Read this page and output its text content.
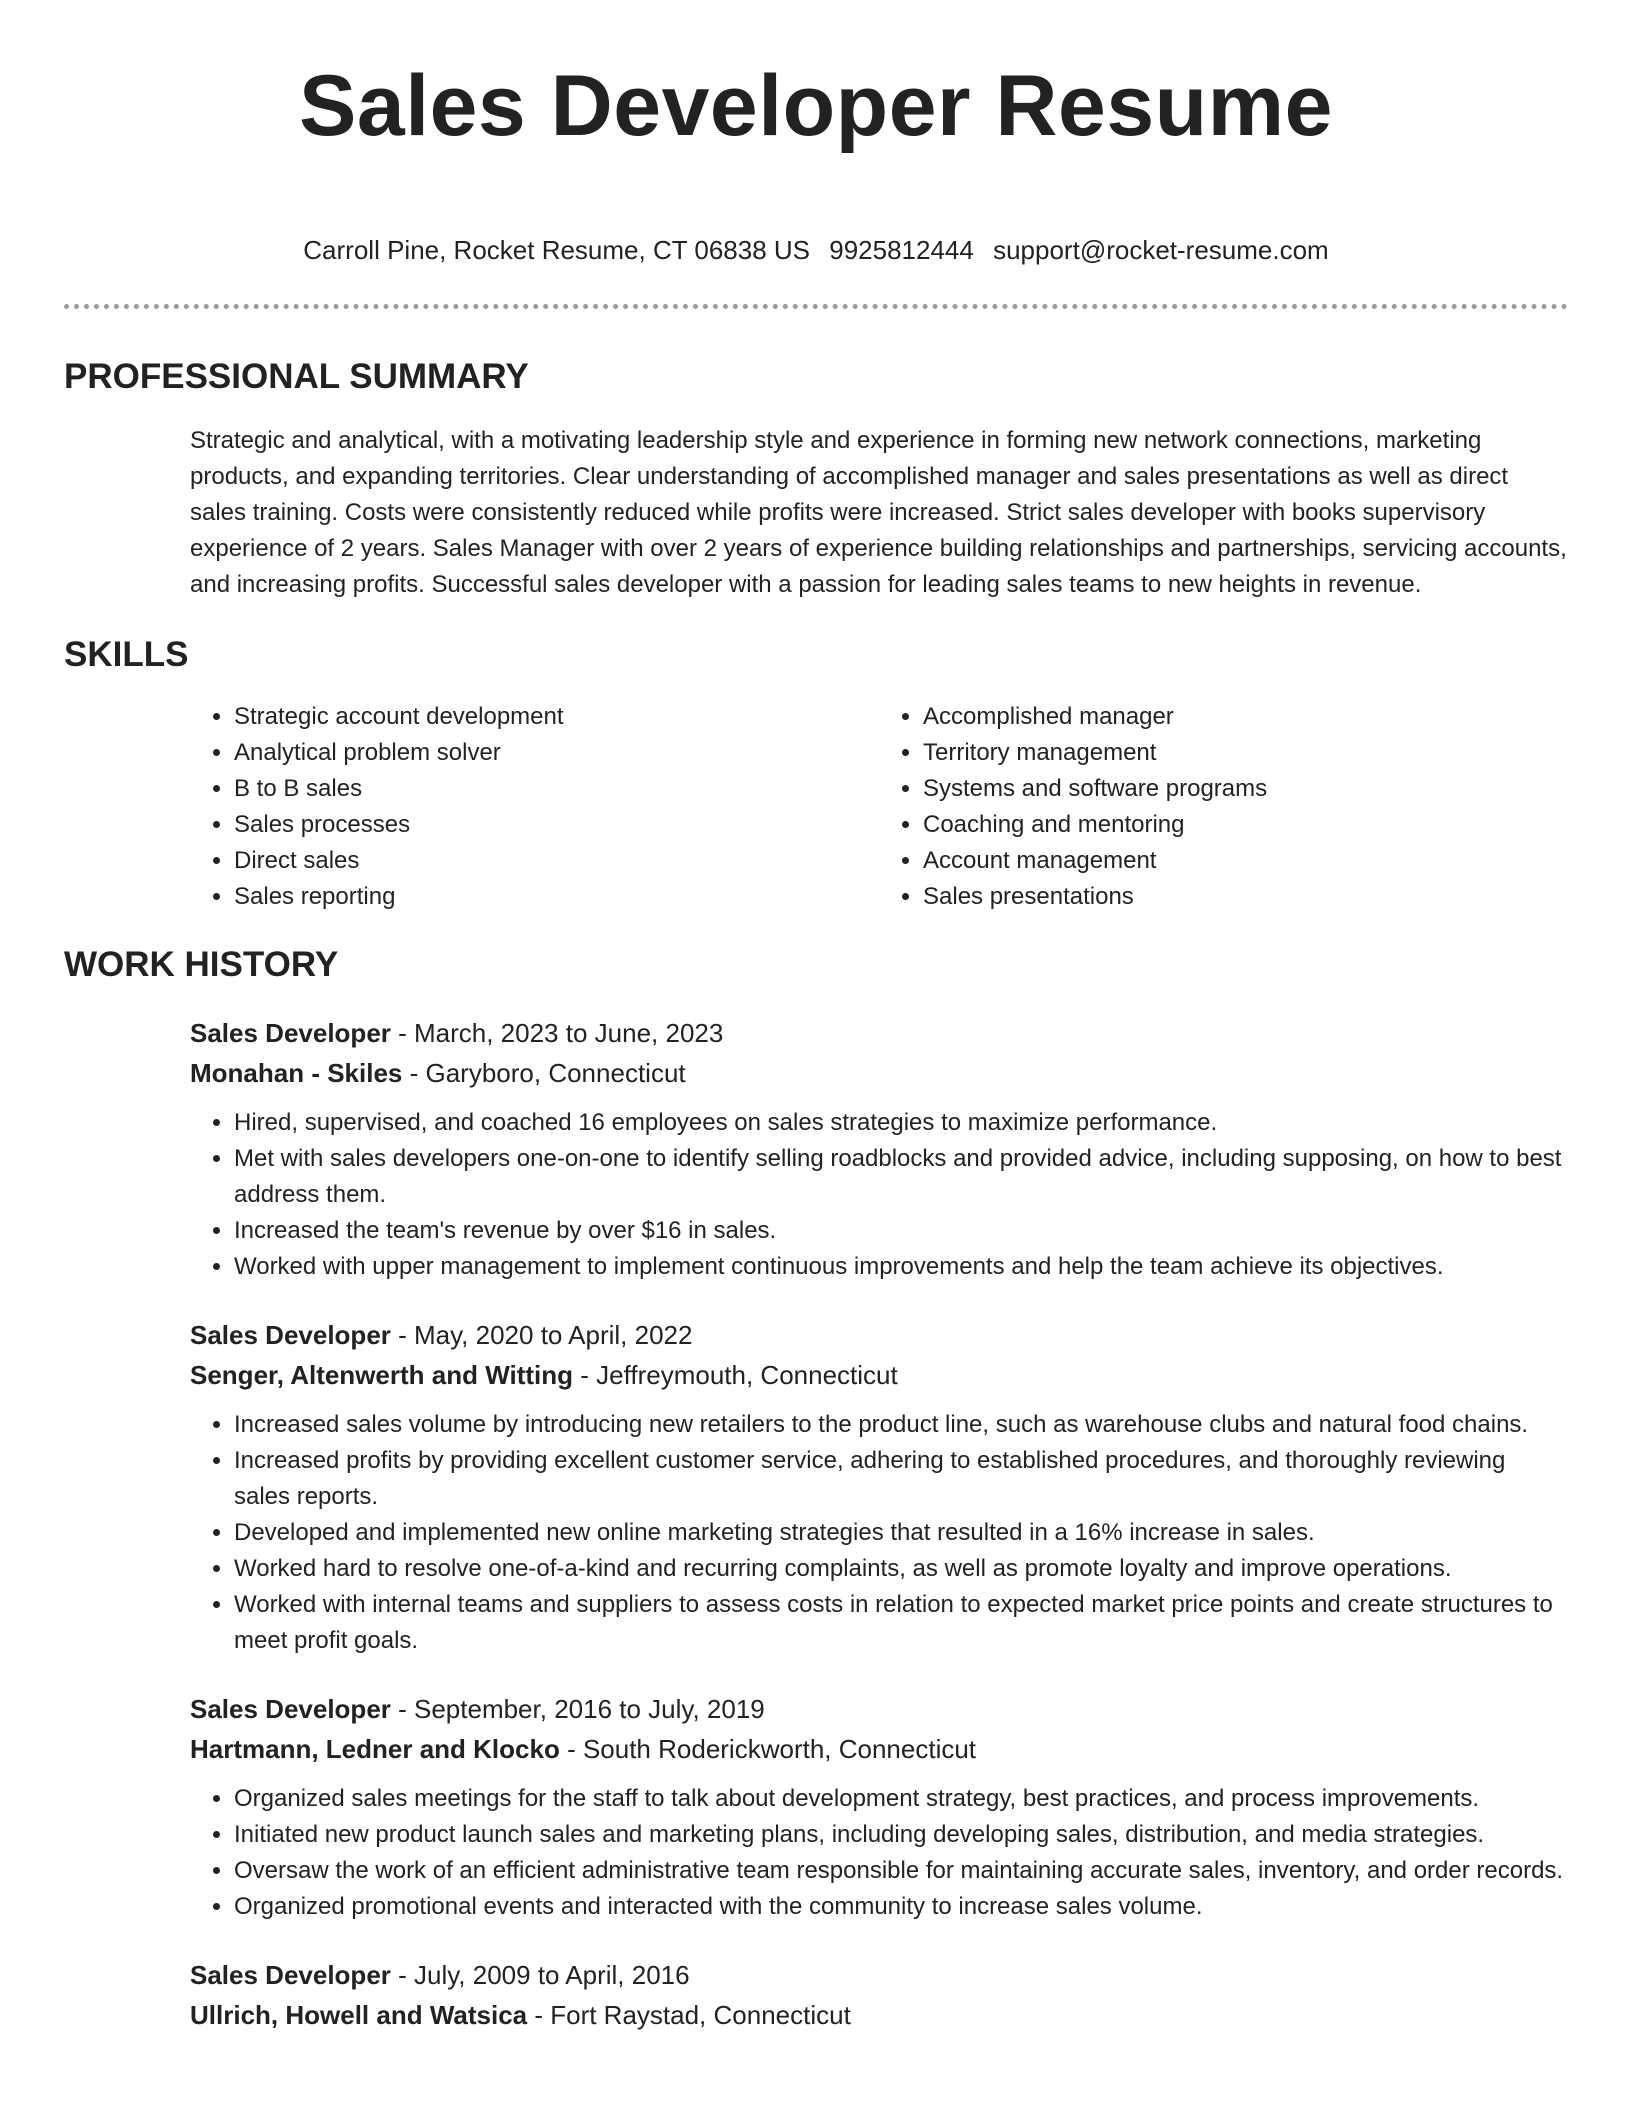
Sales Developer Resume
Carroll Pine, Rocket Resume, CT 06838 US 9925812444 support@rocket-resume.com
PROFESSIONAL SUMMARY

Strategic and analytical, with a motivating leadership style and experience in forming new network connections, marketing products, and expanding territories. Clear understanding of accomplished manager and sales presentations as well as direct sales training. Costs were consistently reduced while profits were increased. Strict sales developer with books supervisory experience of 2 years. Sales Manager with over 2 years of experience building relationships and partnerships, servicing accounts, and increasing profits. Successful sales developer with a passion for leading sales teams to new heights in revenue.

SKILLS
• Strategic account development
• Analytical problem solver
• B to B sales
• Sales processes
• Direct sales
• Sales reporting
• Accomplished manager
• Territory management
• Systems and software programs
• Coaching and mentoring
• Account management
• Sales presentations
WORK HISTORY
Sales Developer - March, 2023 to June, 2023
Monahan - Skiles - Garyboro, Connecticut
• Hired, supervised, and coached 16 employees on sales strategies to maximize performance.
• Met with sales developers one-on-one to identify selling roadblocks and provided advice, including supposing, on how to best address them.
• Increased the team's revenue by over $16 in sales.
• Worked with upper management to implement continuous improvements and help the team achieve its objectives.
Sales Developer - May, 2020 to April, 2022
Senger, Altenwerth and Witting - Jeffreymouth, Connecticut
• Increased sales volume by introducing new retailers to the product line, such as warehouse clubs and natural food chains.
• Increased profits by providing excellent customer service, adhering to established procedures, and thoroughly reviewing sales reports.
• Developed and implemented new online marketing strategies that resulted in a 16% increase in sales.
• Worked hard to resolve one-of-a-kind and recurring complaints, as well as promote loyalty and improve operations.
• Worked with internal teams and suppliers to assess costs in relation to expected market price points and create structures to meet profit goals.
Sales Developer - September, 2016 to July, 2019
Hartmann, Ledner and Klocko - South Roderickworth, Connecticut
• Organized sales meetings for the staff to talk about development strategy, best practices, and process improvements.
• Initiated new product launch sales and marketing plans, including developing sales, distribution, and media strategies.
• Oversaw the work of an efficient administrative team responsible for maintaining accurate sales, inventory, and order records.
• Organized promotional events and interacted with the community to increase sales volume.
Sales Developer - July, 2009 to April, 2016
Ullrich, Howell and Watsica - Fort Raystad, Connecticut
